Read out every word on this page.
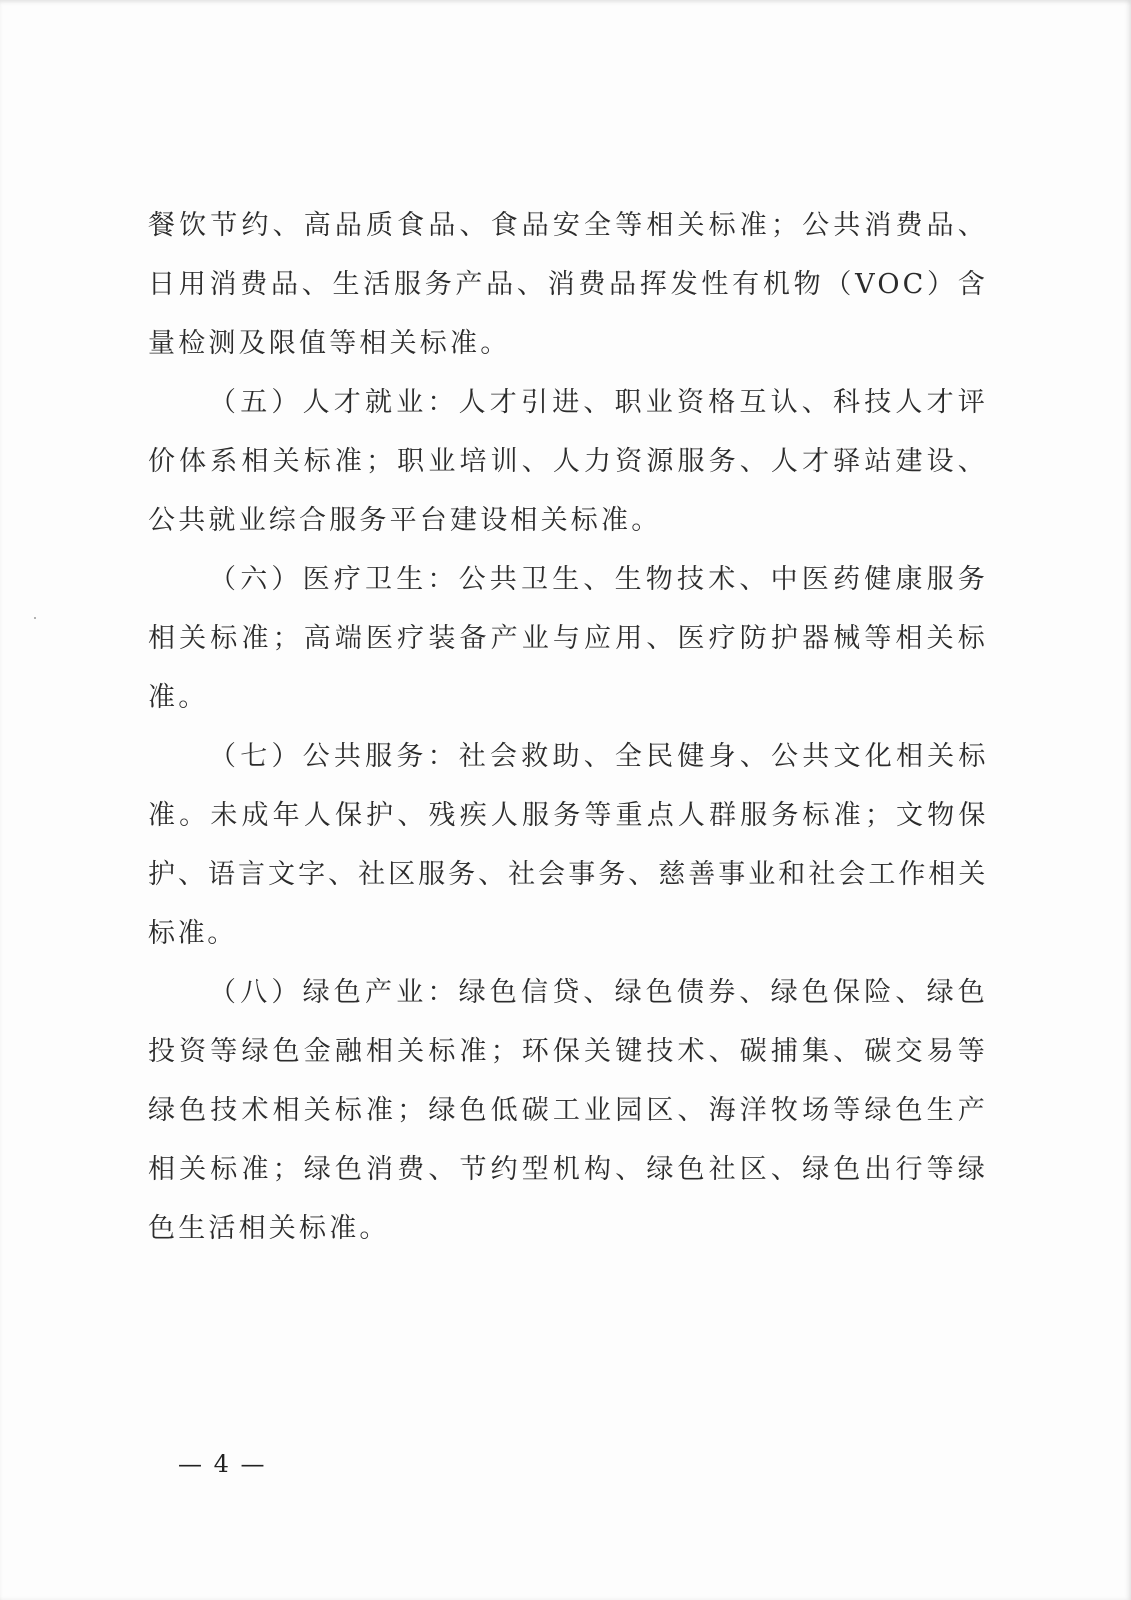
餐饮节约、高品质食品、食品安全等相关标准；公共消费品、日用消费品、生活服务产品、消费品挥发性有机物（VOC）含量检测及限值等相关标准。

（五）人才就业：人才引进、职业资格互认、科技人才评价体系相关标准；职业培训、人力资源服务、人才驿站建设、公共就业综合服务平台建设相关标准。

（六）医疗卫生：公共卫生、生物技术、中医药健康服务相关标准；高端医疗装备产业与应用、医疗防护器械等相关标准。

（七）公共服务：社会救助、全民健身、公共文化相关标准。未成年人保护、残疾人服务等重点人群服务标准；文物保护、语言文字、社区服务、社会事务、慈善事业和社会工作相关标准。

（八）绿色产业：绿色信贷、绿色债券、绿色保险、绿色投资等绿色金融相关标准；环保关键技术、碳捕集、碳交易等绿色技术相关标准；绿色低碳工业园区、海洋牧场等绿色生产相关标准；绿色消费、节约型机构、绿色社区、绿色出行等绿色生活相关标准。

— 4 —
